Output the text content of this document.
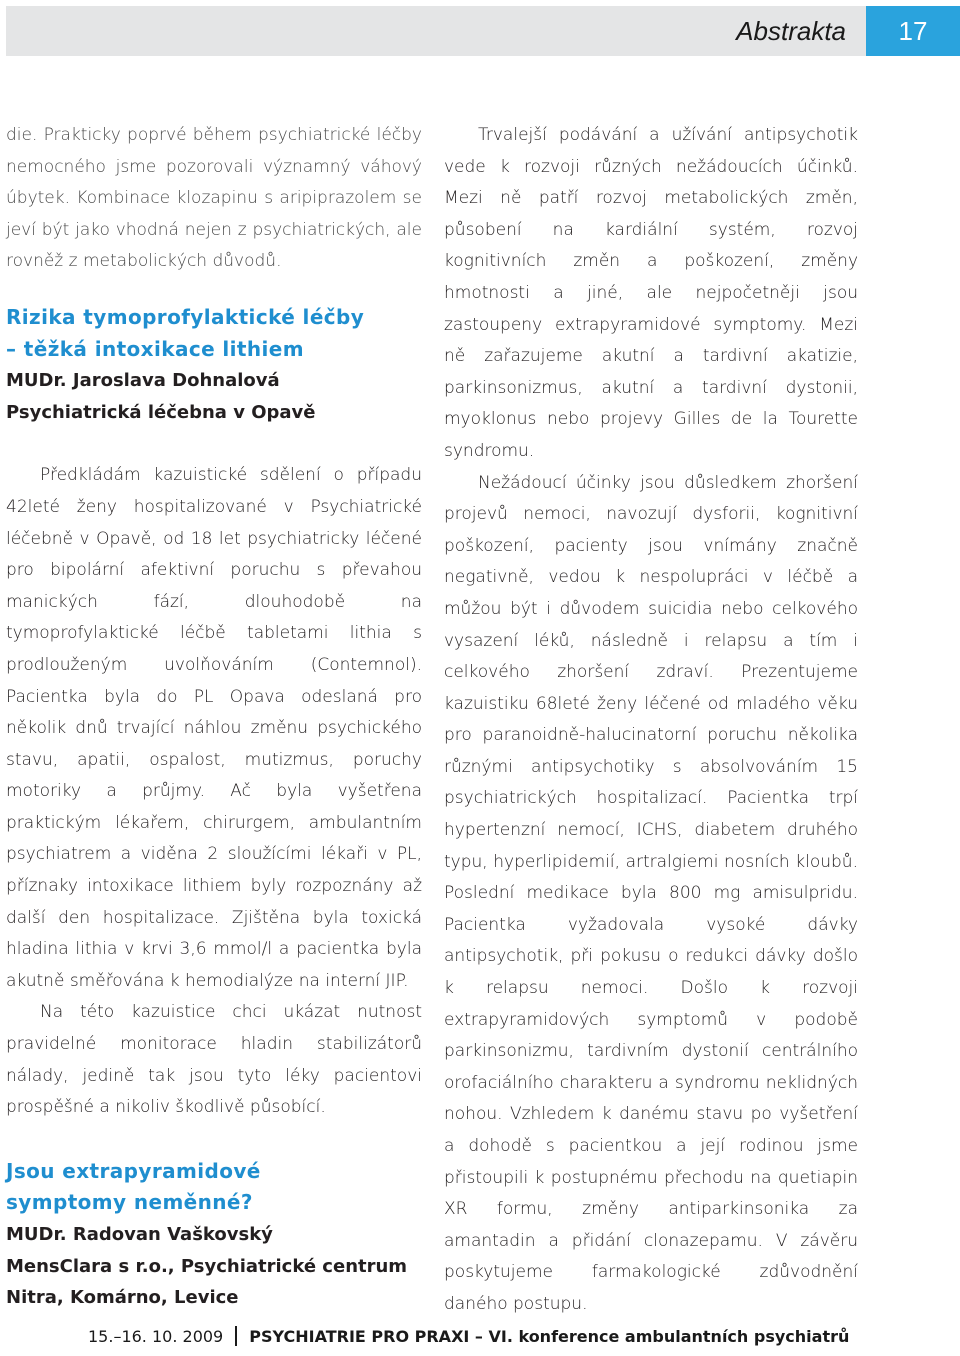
Abstrakta	17

die. Prakticky poprvé během psychiatrické léčby nemocného jsme pozorovali významný váhový úbytek. Kombinace klozapinu s aripiprazolem se jeví být jako vhodná nejen z psychiatrických, ale rovněž z metabolických důvodů.

Rizika tymoprofylaktické léčby

– těžká intoxikace lithiem

MUDr. Jaroslava Dohnalová

Psychiatrická léčebna v Opavě

Předkládám kazuistické sdělení o případu 42leté ženy hospitalizované v Psychiatrické léčebně v Opavě, od 18 let psychiatricky léčené pro bipolární afektivní poruchu s převahou manických fází, dlouhodobě na tymoprofylaktické léčbě tabletami lithia s prodlouženým uvolňováním (Contemnol). Pacientka byla do PL Opava odeslaná pro několik dnů trvající náhlou změnu psychického stavu, apatii, ospalost, mutizmus, poruchy motoriky a průjmy. Ač byla vyšetřena praktickým lékařem, chirurgem, ambulantním psychiatrem a viděna 2 sloužícími lékaři v PL, příznaky intoxikace lithiem byly rozpoznány až další den hospitalizace. Zjištěna byla toxická hladina lithia v krvi 3,6 mmol/l a pacientka byla akutně směřována k hemodialýze na interní JIP.

Na této kazuistice chci ukázat nutnost pravidelné monitorace hladin stabilizátorů nálady, jedině tak jsou tyto léky pacientovi prospěšné a nikoliv škodlivě působící.

Jsou extrapyramidové

symptomy neměnné?

MUDr. Radovan Vaškovský

MensClara s r.o., Psychiatrické centrum

Nitra, Komárno, Levice

Trvalejší podávání a užívání antipsychotik vede k rozvoji různých nežádoucích účinků. Mezi ně patří rozvoj metabolických změn, působení na kardiální systém, rozvoj kognitivních změn a poškození, změny hmotnosti a jiné, ale nejpočetněji jsou zastoupeny extrapyramidové symptomy. Mezi ně zařazujeme akutní a tardivní akatizie, parkinsonizmus, akutní a tardivní dystonii, myoklonus nebo projevy Gilles de la Tourette syndromu.

Nežádoucí účinky jsou důsledkem zhoršení projevů nemoci, navozují dysforii, kognitivní poškození, pacienty jsou vnímány značně negativně, vedou k nespolupráci v léčbě a můžou být i důvodem suicidia nebo celkového vysazení léků, následně i relapsu a tím i celkového zhoršení zdraví. Prezentujeme kazuistiku 68leté ženy léčené od mladého věku pro paranoidně-halucinatorní poruchu několika různými antipsychotiky s absolvováním 15 psychiatrických hospitalizací. Pacientka trpí hypertenzní nemocí, ICHS, diabetem druhého typu, hyperlipidemií, artralgiemi nosních kloubů. Poslední medikace byla 800 mg amisulpridu. Pacientka vyžadovala vysoké dávky antipsychotik, při pokusu o redukci dávky došlo k relapsu nemoci. Došlo k rozvoji extrapyramidových symptomů v podobě parkinsonizmu, tardivním dystonií centrálního orofaciálního charakteru a syndromu neklidných nohou. Vzhledem k danému stavu po vyšetření a dohodě s pacientkou a její rodinou jsme přistoupili k postupnému přechodu na quetiapin XR formu, změny antiparkinsonika za amantadin a přidání clonazepamu. V závěru poskytujeme farmakologické zdůvodnění daného postupu.

15.–16. 10. 2009 PSYCHIATRIE PRO PRAXI – VI. konference ambulantních psychiatrů
